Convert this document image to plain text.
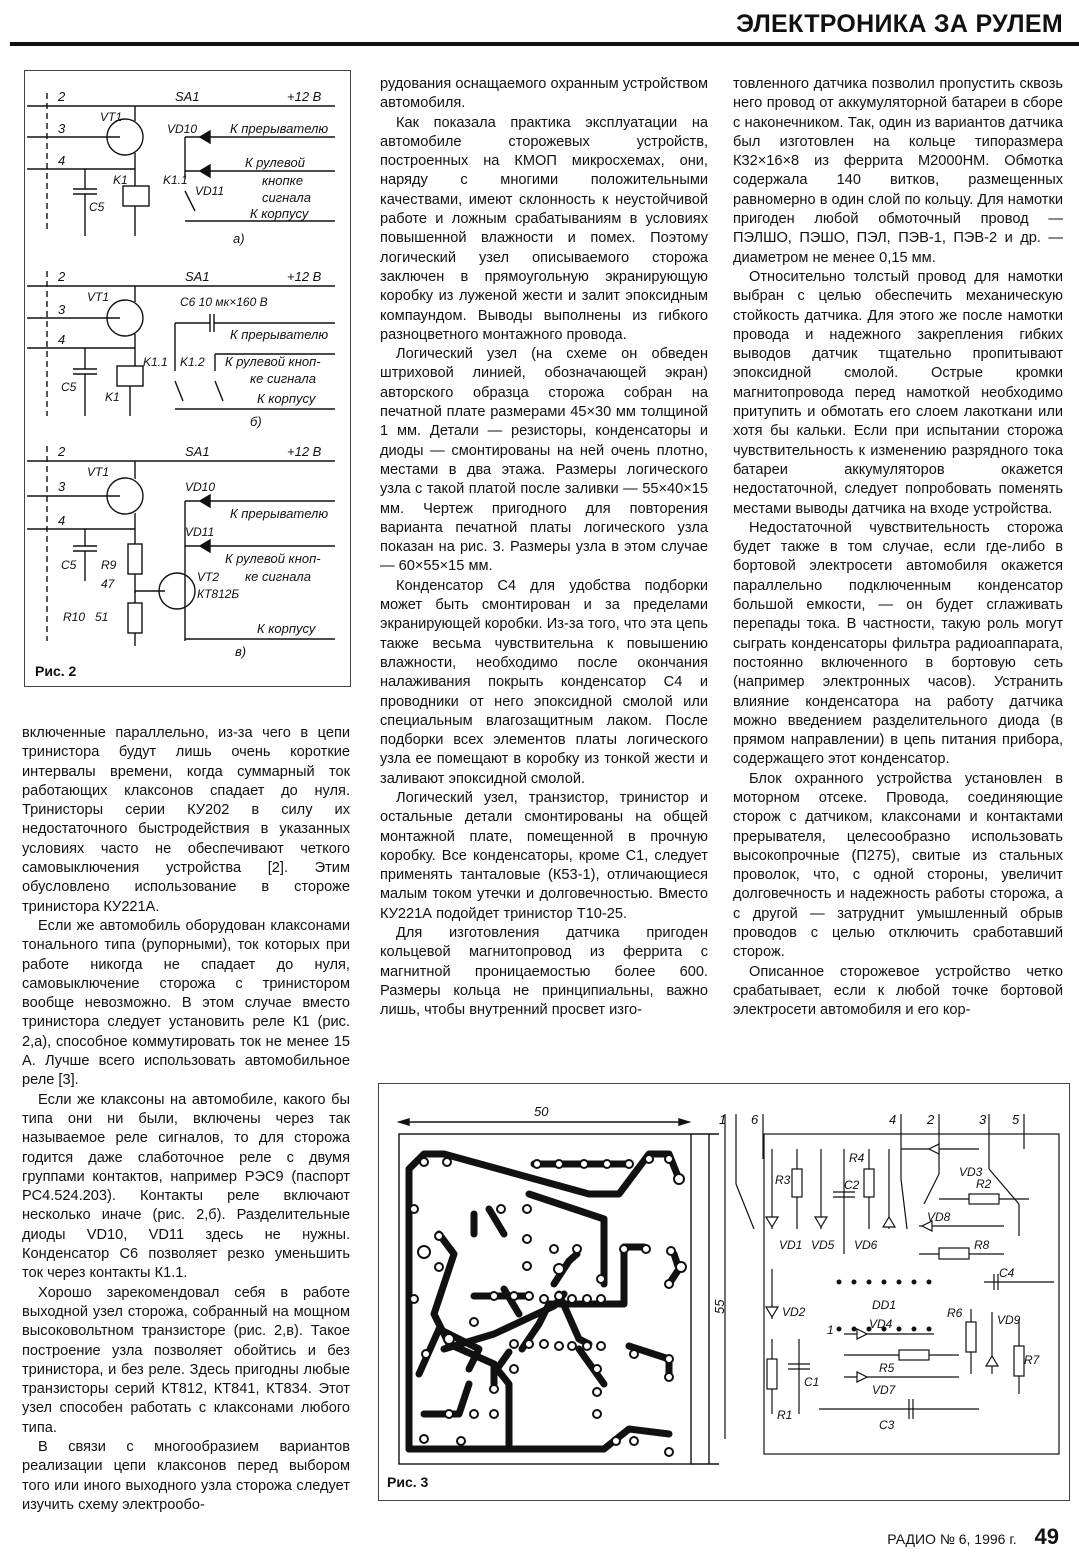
ЭЛЕКТРОНИКА ЗА РУЛЕМ
2
3
4
SA1	+12 В
VT1
K1	K1.1
C5
VD10
VD11
К прерывателю
К рулевой
кнопке
сигнала
К корпусу
а)
2
3
4
SA1	+12 В
С6 10 мк×160 В
VT1
K1
K1.1 K1.2
C5
К прерывателю
К рулевой кноп-
ке сигнала
К корпусу
б)
2
3
4
SA1	+12 В
VT1
C5 R9
47
R10 51
VD10
VD11
VT2
КТ812Б
К прерывателю
К рулевой кноп-
ке сигнала
К корпусу
в)
Рис. 2

включенные параллельно, из-за чего в цепи тринистора будут лишь очень короткие интервалы времени, когда суммарный ток работающих клаксонов спадает до нуля. Тринисторы серии КУ202 в силу их недостаточного быстродействия в указанных условиях часто не обеспечивают четкого самовыключения устройства [2]. Этим обусловлено использование в стороже тринистора КУ221А.

Если же автомобиль оборудован клаксонами тонального типа (рупорными), ток которых при работе никогда не спадает до нуля, самовыключение сторожа с тринистором вообще невозможно. В этом случае вместо тринистора следует установить реле К1 (рис. 2,а), способное коммутировать ток не менее 15 А. Лучше всего использовать автомобильное реле [3].

Если же клаксоны на автомобиле, какого бы типа они ни были, включены через так называемое реле сигналов, то для сторожа годится даже слаботочное реле с двумя группами контактов, например РЭС9 (паспорт РС4.524.203). Контакты реле включают несколько иначе (рис. 2,б). Разделительные диоды VD10, VD11 здесь не нужны. Конденсатор С6 позволяет резко уменьшить ток через контакты К1.1.

Хорошо зарекомендовал себя в работе выходной узел сторожа, собранный на мощном высоковольтном транзисторе (рис. 2,в). Такое построение узла позволяет обойтись и без тринистора, и без реле. Здесь пригодны любые транзисторы серий КТ812, КТ841, КТ834. Этот узел способен работать с клаксонами любого типа.

В связи с многообразием вариантов реализации цепи клаксонов перед выбором того или иного выходного узла сторожа следует изучить схему электрообо-

рудования оснащаемого охранным устройством автомобиля.

Как показала практика эксплуатации на автомобиле сторожевых устройств, построенных на КМОП микросхемах, они, наряду с многими положительными качествами, имеют склонность к неустойчивой работе и ложным срабатываниям в условиях повышенной влажности и помех. Поэтому логический узел описываемого сторожа заключен в прямоугольную экранирующую коробку из луженой жести и залит эпоксидным компаундом. Выводы выполнены из гибкого разноцветного монтажного провода.

Логический узел (на схеме он обведен штриховой линией, обозначающей экран) авторского образца сторожа собран на печатной плате размерами 45×30 мм толщиной 1 мм. Детали — резисторы, конденсаторы и диоды — смонтированы на ней очень плотно, местами в два этажа. Размеры логического узла с такой платой после заливки — 55×40×15 мм. Чертеж пригодного для повторения варианта печатной платы логического узла показан на рис. 3. Размеры узла в этом случае — 60×55×15 мм.

Конденсатор С4 для удобства подборки может быть смонтирован и за пределами экранирующей коробки. Из-за того, что эта цепь также весьма чувствительна к повышению влажности, необходимо после окончания налаживания покрыть конденсатор С4 и проводники от него эпоксидной смолой или специальным влагозащитным лаком. После подборки всех элементов платы логического узла ее помещают в коробку из тонкой жести и заливают эпоксидной смолой.

Логический узел, транзистор, тринистор и остальные детали смонтированы на общей монтажной плате, помещенной в прочную коробку. Все конденсаторы, кроме С1, следует применять танталовые (К53-1), отличающиеся малым током утечки и долговечностью. Вместо КУ221А подойдет тринистор Т10-25.

Для изготовления датчика пригоден кольцевой магнитопровод из феррита с магнитной проницаемостью более 600. Размеры кольца не принципиальны, важно лишь, чтобы внутренний просвет изго-

товленного датчика позволил пропустить сквозь него провод от аккумуляторной батареи в сборе с наконечником. Так, один из вариантов датчика был изготовлен на кольце типоразмера К32×16×8 из феррита М2000НМ. Обмотка содержала 140 витков, размещенных равномерно в один слой по кольцу. Для намотки пригоден любой обмоточный провод — ПЭЛШО, ПЭШО, ПЭЛ, ПЭВ-1, ПЭВ-2 и др. — диаметром не менее 0,15 мм.

Относительно толстый провод для намотки выбран с целью обеспечить механическую стойкость датчика. Для этого же после намотки провода и надежного закрепления гибких выводов датчик тщательно пропитывают эпоксидной смолой. Острые кромки магнитопровода перед намоткой необходимо притупить и обмотать его слоем лакоткани или хотя бы кальки. Если при испытании сторожа чувствительность к изменению разрядного тока батареи аккумуляторов окажется недостаточной, следует попробовать поменять местами выводы датчика на входе устройства.

Недостаточной чувствительность сторожа будет также в том случае, если где-либо в бортовой электросети автомобиля окажется параллельно подключенным конденсатор большой емкости, — он будет сглаживать перепады тока. В частности, такую роль могут сыграть конденсаторы фильтра радиоаппарата, постоянно включенного в бортовую сеть (например электронных часов). Устранить влияние конденсатора на работу датчика можно введением разделительного диода (в прямом направлении) в цепь питания прибора, содержащего этот конденсатор.

Блок охранного устройства установлен в моторном отсеке. Провода, соединяющие сторож с датчиком, клаксонами и контактами прерывателя, целесообразно использовать высокопрочные (П275), свитые из стальных проволок, что, с одной стороны, увеличит долговечность и надежность работы сторожа, а с другой — затруднит умышленный обрыв проводов с целью отключить сработавший сторож.

Описанное сторожевое устройство четко срабатывает, если к любой точке бортовой электросети автомобиля и его кор-

50
55
1 6	4 2	3 5
R3	C2
R4
VD1 VD5 VD6
VD3
R2
VD8
R8
C4
VD2	DD1
R6	VD9
VD4
R5
VD7
R7
R1
C1
C3
1
Рис. 3
РАДИО № 6, 1996 г. 49
